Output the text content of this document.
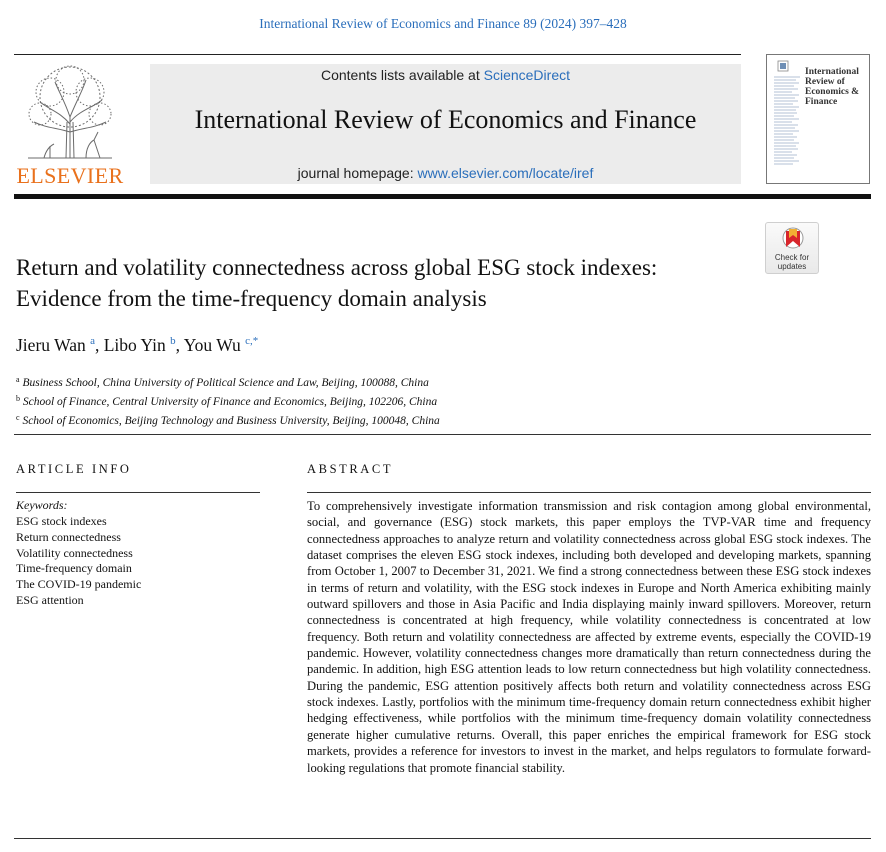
International Review of Economics and Finance 89 (2024) 397–428
ELSEVIER
Contents lists available at ScienceDirect
International Review of Economics and Finance
journal homepage: www.elsevier.com/locate/iref
International Review of Economics & Finance
Check for
updates
Return and volatility connectedness across global ESG stock indexes: Evidence from the time-frequency domain analysis
Jieru Wan $^a$, Libo Yin $^b$, You Wu $^{c,*}$
$^a$ Business School, China University of Political Science and Law, Beijing, 100088, China
$^b$ School of Finance, Central University of Finance and Economics, Beijing, 102206, China
$^c$ School of Economics, Beijing Technology and Business University, Beijing, 100048, China
ARTICLE INFO	ABSTRACT
Keywords:
ESG stock indexes
Return connectedness
Volatility connectedness
Time-frequency domain
The COVID-19 pandemic
ESG attention

To comprehensively investigate information transmission and risk contagion among global environmental, social, and governance (ESG) stock markets, this paper employs the TVP-VAR time and frequency connectedness approaches to analyze return and volatility connectedness across global ESG stock indexes. The dataset comprises the eleven ESG stock indexes, including both developed and developing markets, spanning from October 1, 2007 to December 31, 2021. We find a strong connectedness between these ESG stock indexes in terms of return and volatility, with the ESG stock indexes in Europe and North America exhibiting mainly outward spillovers and those in Asia Pacific and India displaying mainly inward spillovers. Moreover, return connectedness is concentrated at high frequency, while volatility connectedness is concentrated at low frequency. Both return and volatility connectedness are affected by extreme events, especially the COVID-19 pandemic. However, volatility connectedness changes more dramatically than return connectedness during the pandemic. In addition, high ESG attention leads to low return connectedness but high volatility connectedness. During the pandemic, ESG attention positively affects both return and volatility connectedness across ESG stock indexes. Lastly, portfolios with the minimum time-frequency domain return connectedness exhibit higher hedging effectiveness, while portfolios with the minimum time-frequency domain volatility connectedness generate higher cumulative returns. Overall, this paper enriches the empirical framework for ESG stock markets, provides a reference for investors to invest in the market, and helps regulators to formulate forward-looking regulations that promote financial stability.
